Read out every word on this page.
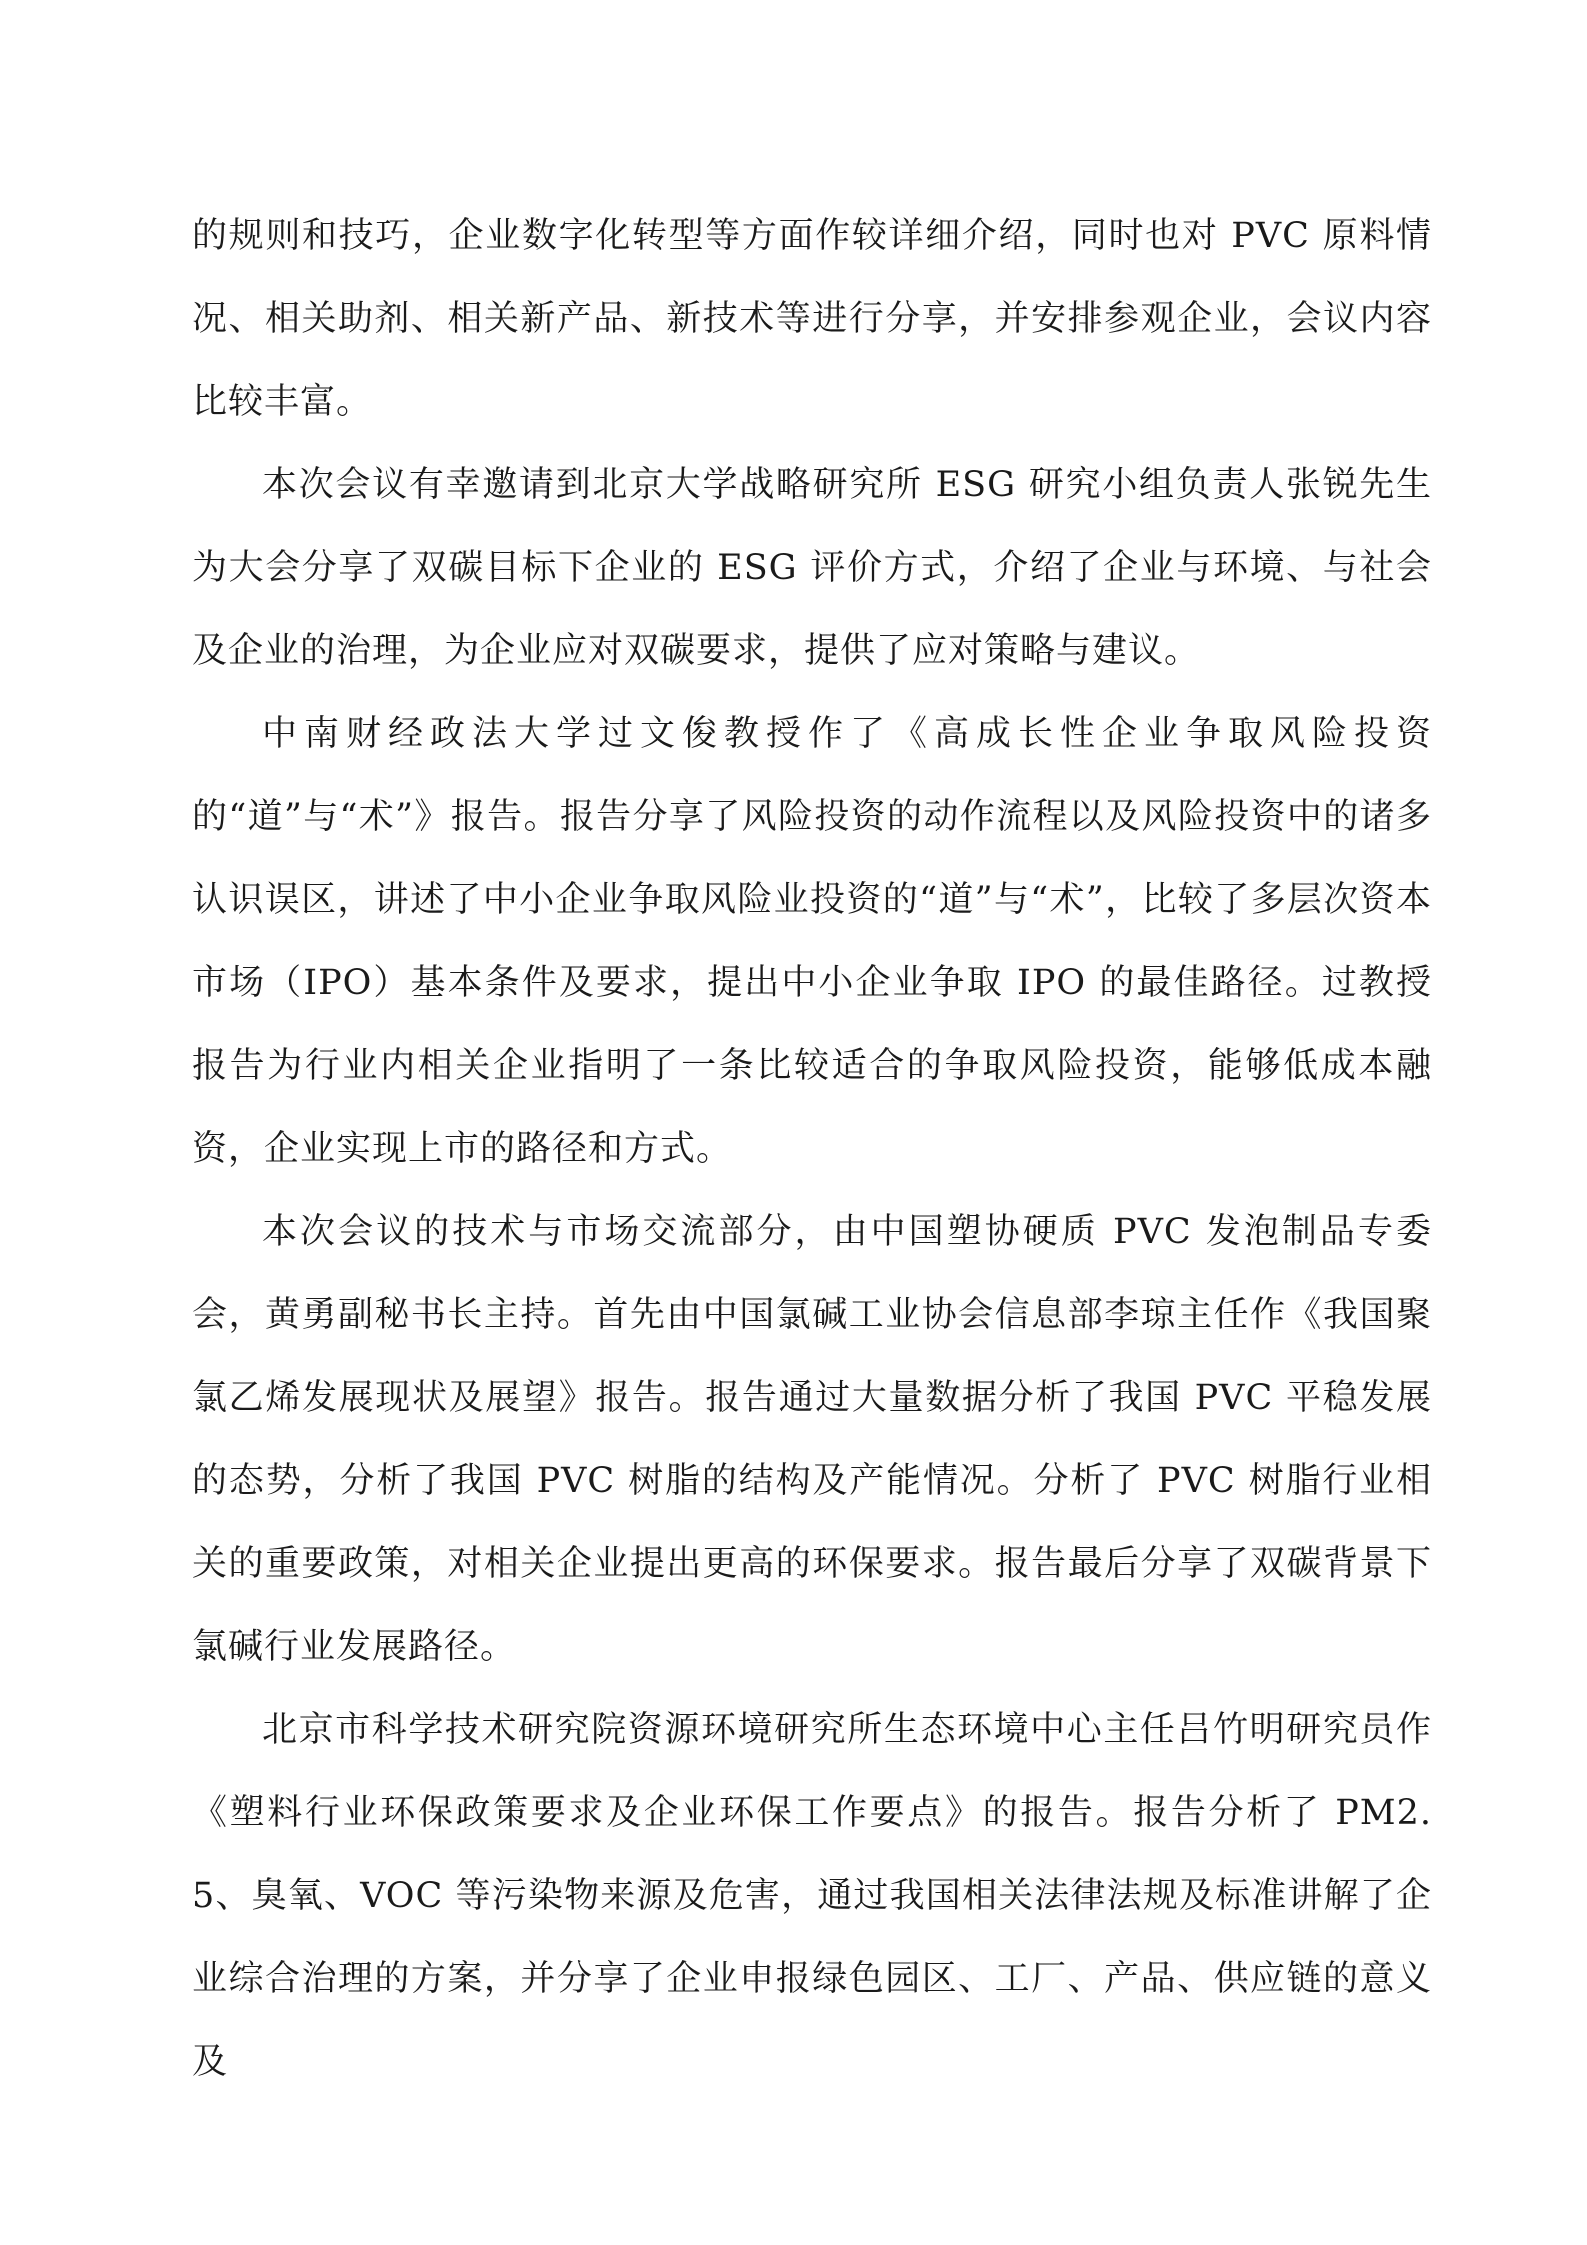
的规则和技巧，企业数字化转型等方面作较详细介绍，同时也对 PVC 原料情况、相关助剂、相关新产品、新技术等进行分享，并安排参观企业，会议内容比较丰富。

本次会议有幸邀请到北京大学战略研究所 ESG 研究小组负责人张锐先生为大会分享了双碳目标下企业的 ESG 评价方式，介绍了企业与环境、与社会及企业的治理，为企业应对双碳要求，提供了应对策略与建议。

中南财经政法大学过文俊教授作了《高成长性企业争取风险投资的“道”与“术”》报告。报告分享了风险投资的动作流程以及风险投资中的诸多认识误区，讲述了中小企业争取风险业投资的“道”与“术”，比较了多层次资本市场（IPO）基本条件及要求，提出中小企业争取 IPO 的最佳路径。过教授报告为行业内相关企业指明了一条比较适合的争取风险投资，能够低成本融资，企业实现上市的路径和方式。

本次会议的技术与市场交流部分，由中国塑协硬质 PVC 发泡制品专委会，黄勇副秘书长主持。首先由中国氯碱工业协会信息部李琼主任作《我国聚氯乙烯发展现状及展望》报告。报告通过大量数据分析了我国 PVC 平稳发展的态势，分析了我国 PVC 树脂的结构及产能情况。分析了 PVC 树脂行业相关的重要政策，对相关企业提出更高的环保要求。报告最后分享了双碳背景下氯碱行业发展路径。

北京市科学技术研究院资源环境研究所生态环境中心主任吕竹明研究员作《塑料行业环保政策要求及企业环保工作要点》的报告。报告分析了 PM2.5、臭氧、VOC 等污染物来源及危害，通过我国相关法律法规及标准讲解了企业综合治理的方案，并分享了企业申报绿色园区、工厂、产品、供应链的意义及
